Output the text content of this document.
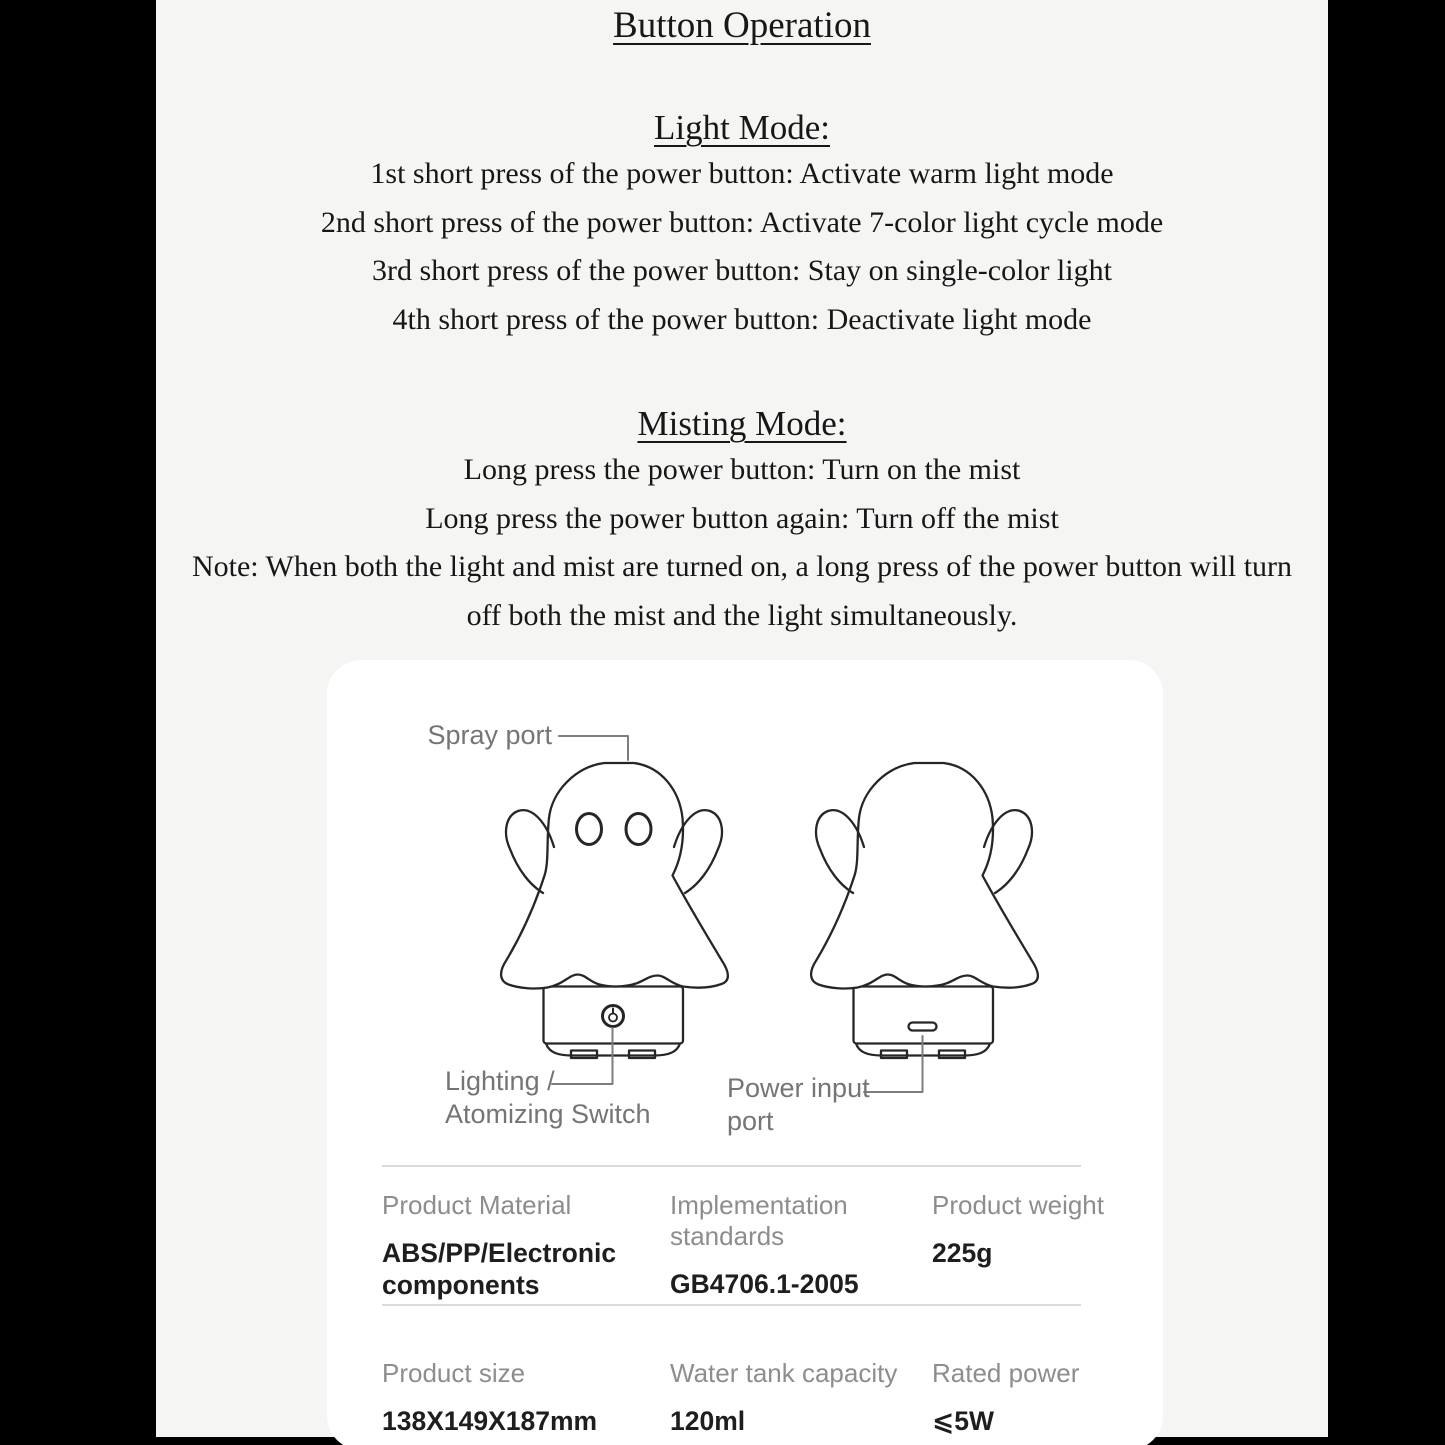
Button Operation
Light Mode:
1st short press of the power button: Activate warm light mode
2nd short press of the power button: Activate 7-color light cycle mode
3rd short press of the power button: Stay on single-color light
4th short press of the power button: Deactivate light mode
Misting Mode:
Long press the power button: Turn on the mist
Long press the power button again: Turn off the mist
Note: When both the light and mist are turned on, a long press of the power button will turn
off both the mist and the light simultaneously.
Spray port
Lighting /
Atomizing Switch
Power input
port
Product Material
ABS/PP/Electronic components
Implementation standards
GB4706.1-2005
Product weight
225g
Product size
138X149X187mm
Water tank capacity
120ml
Rated power
⩽5W
